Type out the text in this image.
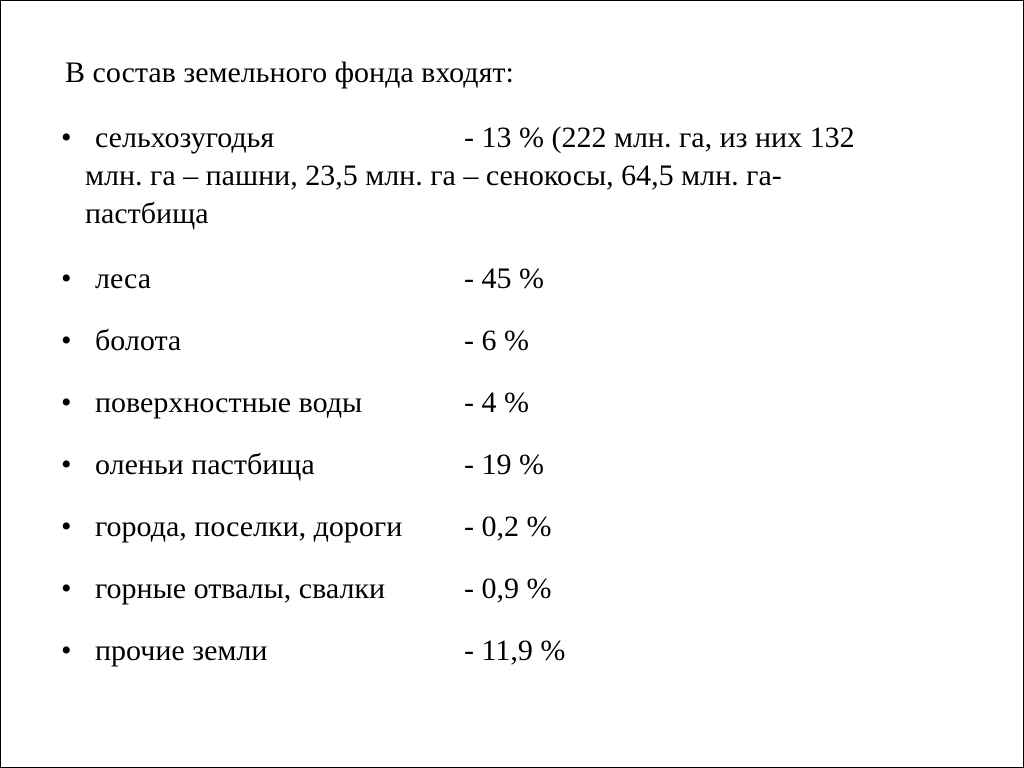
В состав земельного фонда входят:
• сельхозугодья	- 13 % (222 млн. га, из них 132
млн. га – пашни, 23,5 млн. га – сенокосы, 64,5 млн. га-
пастбища
• леса	- 45 %
• болота	- 6 %
• поверхностные воды	- 4 %
• оленьи пастбища	- 19 %
• города, поселки, дороги - 0,2 %
• горные отвалы, свалки	- 0,9 %
• прочие земли	- 11,9 %
